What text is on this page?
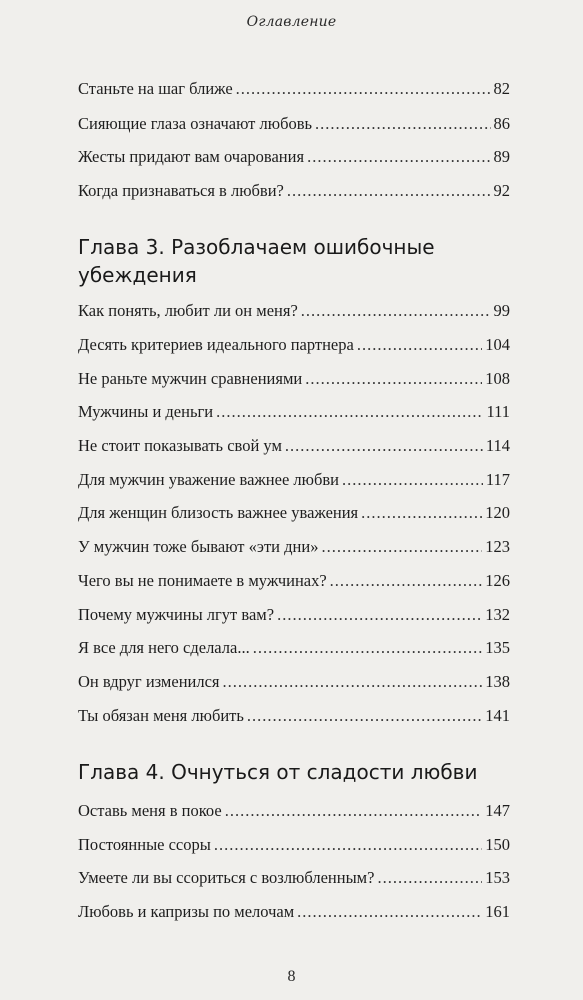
Оглавление
Станьте на шаг ближе .....	82
Сияющие глаза означают любовь .....	86
Жесты придают вам очарования .....	89
Когда признаваться в любви? .....	92
Глава 3. Разоблачаем ошибочные
убеждения
Как понять, любит ли он меня? .....	99
Десять критериев идеального партнера .....	104
Не раньте мужчин сравнениями .....	108
Мужчины и деньги .....	111
Не стоит показывать свой ум .....	114
Для мужчин уважение важнее любви .....	117
Для женщин близость важнее уважения .....	120
У мужчин тоже бывают «эти дни» .....	123
Чего вы не понимаете в мужчинах? .....	126
Почему мужчины лгут вам? .....	132
Я все для него сделала... .....	135
Он вдруг изменился .....	138
Ты обязан меня любить .....	141
Глава 4. Очнуться от сладости любви
Оставь меня в покое .....	147
Постоянные ссоры .....	150
Умеете ли вы ссориться с возлюбленным? .....	153
Любовь и капризы по мелочам .....	161
8
